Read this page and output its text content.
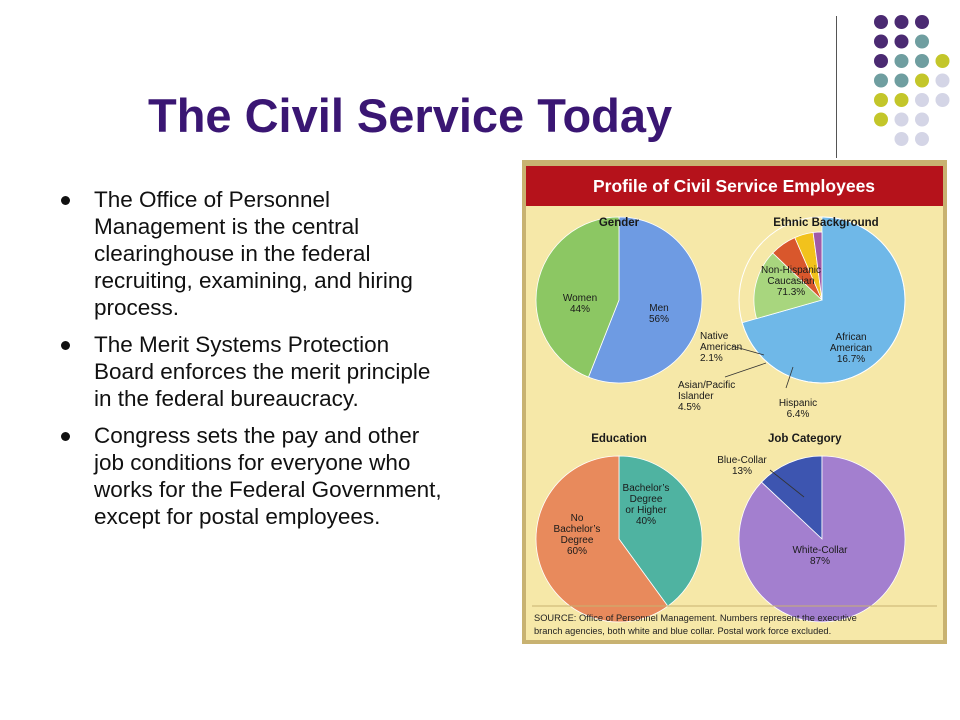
The Civil Service Today
The Office of Personnel Management is the central clearinghouse in the federal recruiting, examining, and hiring process.
The Merit Systems Protection Board enforces the merit principle in the federal bureaucracy.
Congress sets the pay and other job conditions for everyone who works for the Federal Government, except for postal employees.
Profile of Civil Service Employees
Gender
Men 56%
Women 44%
Ethnic Background
Non-Hispanic Caucasian 71.3%
African American 16.7%
Hispanic 6.4%
Asian/Pacific Islander 4.5%
Native American 2.1%
Education
Bachelor’s Degree or Higher 40%
No Bachelor’s Degree 60%
Job Category
Blue-Collar 13%
White-Collar 87%
SOURCE: Office of Personnel Management. Numbers represent the executive
branch agencies, both white and blue collar. Postal work force excluded.
